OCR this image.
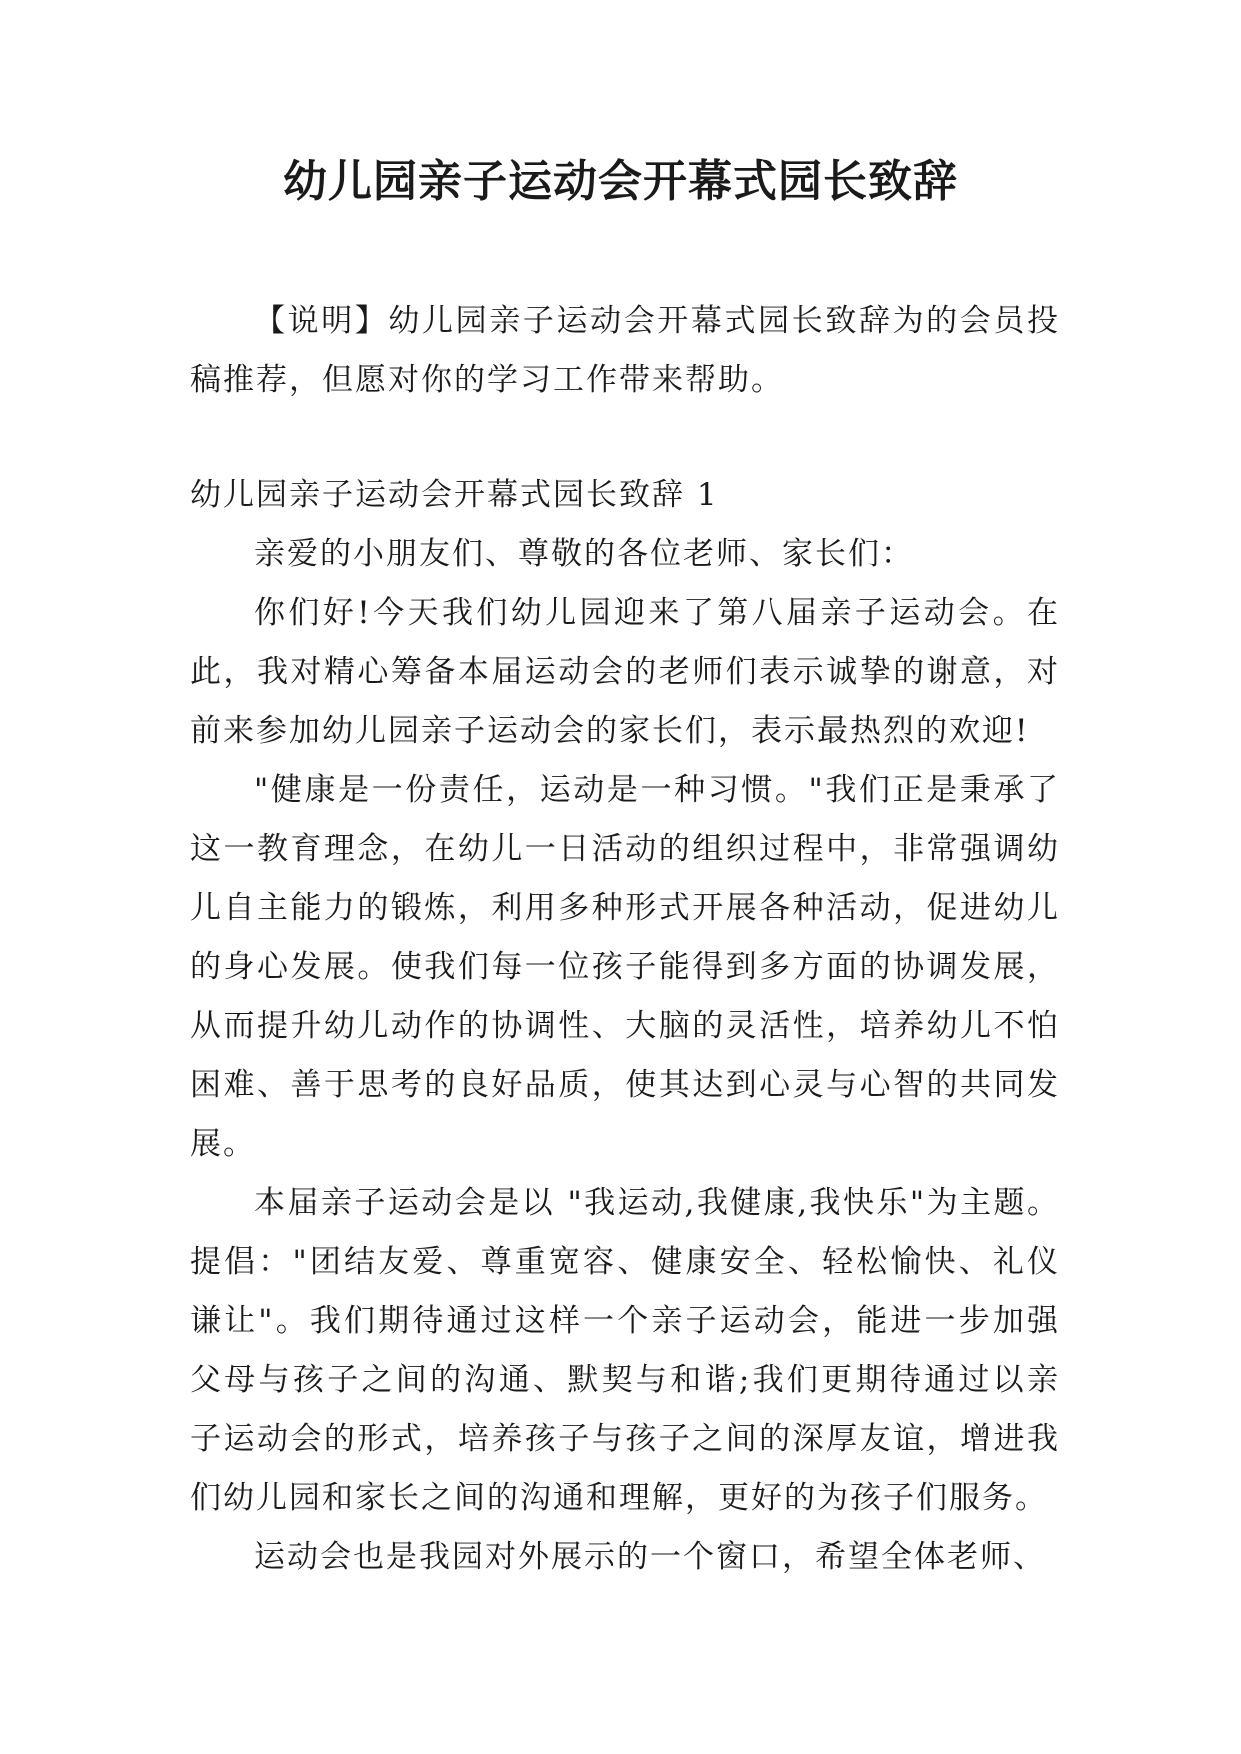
幼儿园亲子运动会开幕式园长致辞

【说明】幼儿园亲子运动会开幕式园长致辞为的会员投稿推荐，但愿对你的学习工作带来帮助。

幼儿园亲子运动会开幕式园长致辞 1

亲爱的小朋友们、尊敬的各位老师、家长们：

你们好!今天我们幼儿园迎来了第八届亲子运动会。在此，我对精心筹备本届运动会的老师们表示诚挚的谢意，对前来参加幼儿园亲子运动会的家长们，表示最热烈的欢迎!

"健康是一份责任，运动是一种习惯。"我们正是秉承了这一教育理念，在幼儿一日活动的组织过程中，非常强调幼儿自主能力的锻炼，利用多种形式开展各种活动，促进幼儿的身心发展。使我们每一位孩子能得到多方面的协调发展，从而提升幼儿动作的协调性、大脑的灵活性，培养幼儿不怕困难、善于思考的良好品质，使其达到心灵与心智的共同发展。

本届亲子运动会是以 "我运动,我健康,我快乐"为主题。提倡："团结友爱、尊重宽容、健康安全、轻松愉快、礼仪谦让"。我们期待通过这样一个亲子运动会，能进一步加强父母与孩子之间的沟通、默契与和谐;我们更期待通过以亲子运动会的形式，培养孩子与孩子之间的深厚友谊，增进我们幼儿园和家长之间的沟通和理解，更好的为孩子们服务。

运动会也是我园对外展示的一个窗口，希望全体老师、
